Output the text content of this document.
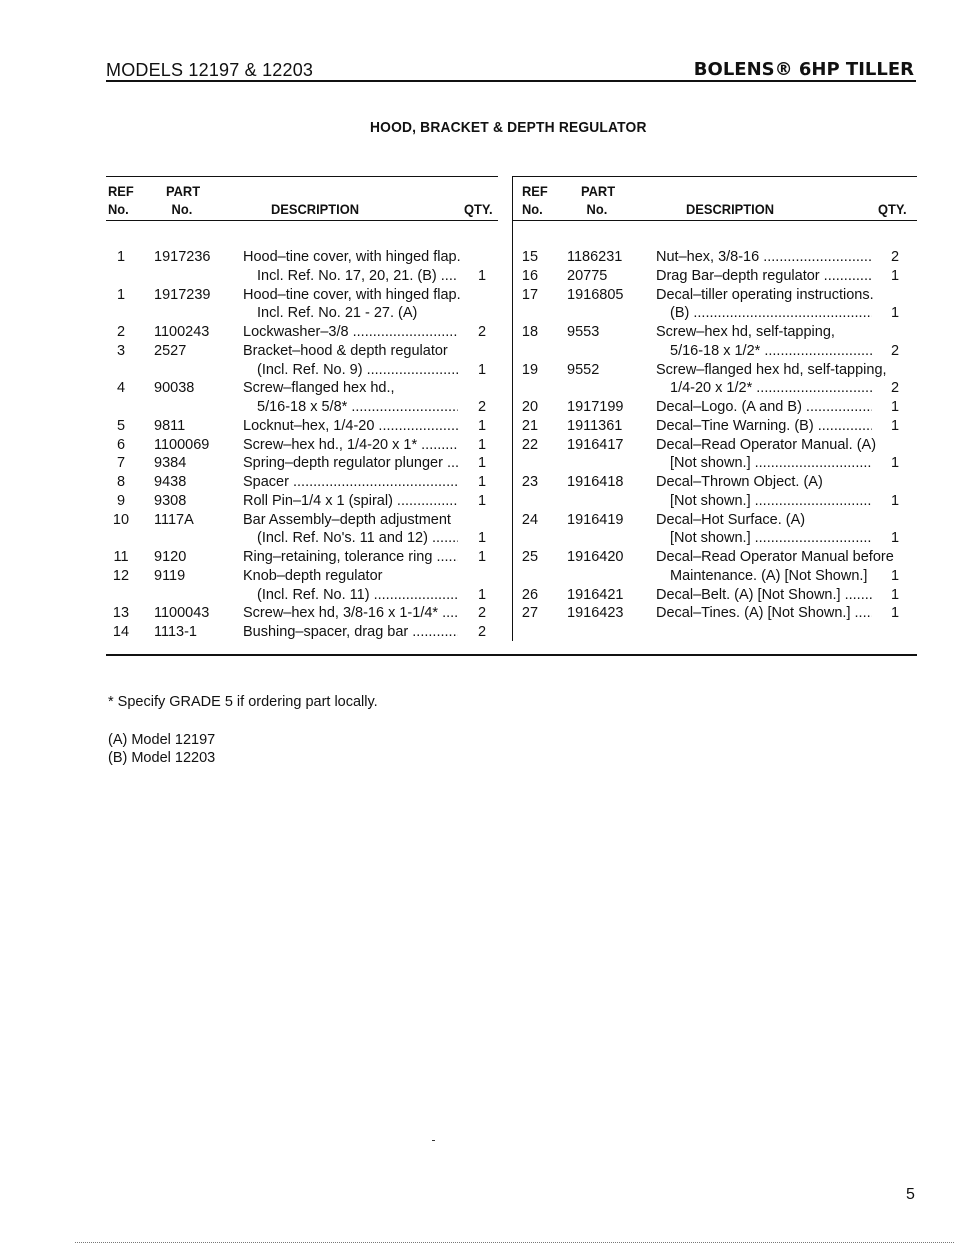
MODELS 12197 & 12203	BOLENS® 6HP TILLER
HOOD, BRACKET & DEPTH REGULATOR
REF
No.
PART
No.	DESCRIPTION	QTY.
REF
No.
PART
No.	DESCRIPTION	QTY.
1	1917236 Hood–tine cover, with hinged flap.
Incl. Ref. No. 17, 20, 21. (B) .....	1
1	1917239 Hood–tine cover, with hinged flap.
Incl. Ref. No. 21 - 27. (A)
2	1100243 Lockwasher–3/8 .....	2
3	2527	Bracket–hood & depth regulator
(Incl. Ref. No. 9) .....	1
4	90038	Screw–flanged hex hd.,
5/16-18 x 5/8* .....	2
5	9811	Locknut–hex, 1/4-20 .....	1
6	1100069 Screw–hex hd., 1/4-20 x 1* .....	1
7	9384	Spring–depth regulator plunger .....	1
8	9438	Spacer .....	1
9	9308	Roll Pin–1/4 x 1 (spiral) .....	1
10	1117A	Bar Assembly–depth adjustment
(Incl. Ref. No's. 11 and 12) .....	1
11	9120	Ring–retaining, tolerance ring .....	1
12	9119	Knob–depth regulator
(Incl. Ref. No. 11) .....	1
13	1100043 Screw–hex hd, 3/8-16 x 1-1/4* .....	2
14	1113-1	Bushing–spacer, drag bar .....	2
15	1186231 Nut–hex, 3/8-16 .....	2
16	20775	Drag Bar–depth regulator .....	1
17	1916805 Decal–tiller operating instructions.
(B) .....	1
18	9553	Screw–hex hd, self-tapping,
5/16-18 x 1/2* .....	2
19	9552	Screw–flanged hex hd, self-tapping,
1/4-20 x 1/2* .....	2
20	1917199 Decal–Logo. (A and B) .....	1
21	1911361 Decal–Tine Warning. (B) .....	1
22	1916417 Decal–Read Operator Manual. (A)
[Not shown.] .....	1
23	1916418 Decal–Thrown Object. (A)
[Not shown.] .....	1
24	1916419 Decal–Hot Surface. (A)
[Not shown.] .....	1
25	1916420 Decal–Read Operator Manual before
Maintenance. (A) [Not Shown.] .....	1
26	1916421 Decal–Belt. (A) [Not Shown.] .....	1
27	1916423 Decal–Tines. (A) [Not Shown.] .....	1
* Specify GRADE 5 if ordering part locally.
(A) Model 12197
(B) Model 12203
5
